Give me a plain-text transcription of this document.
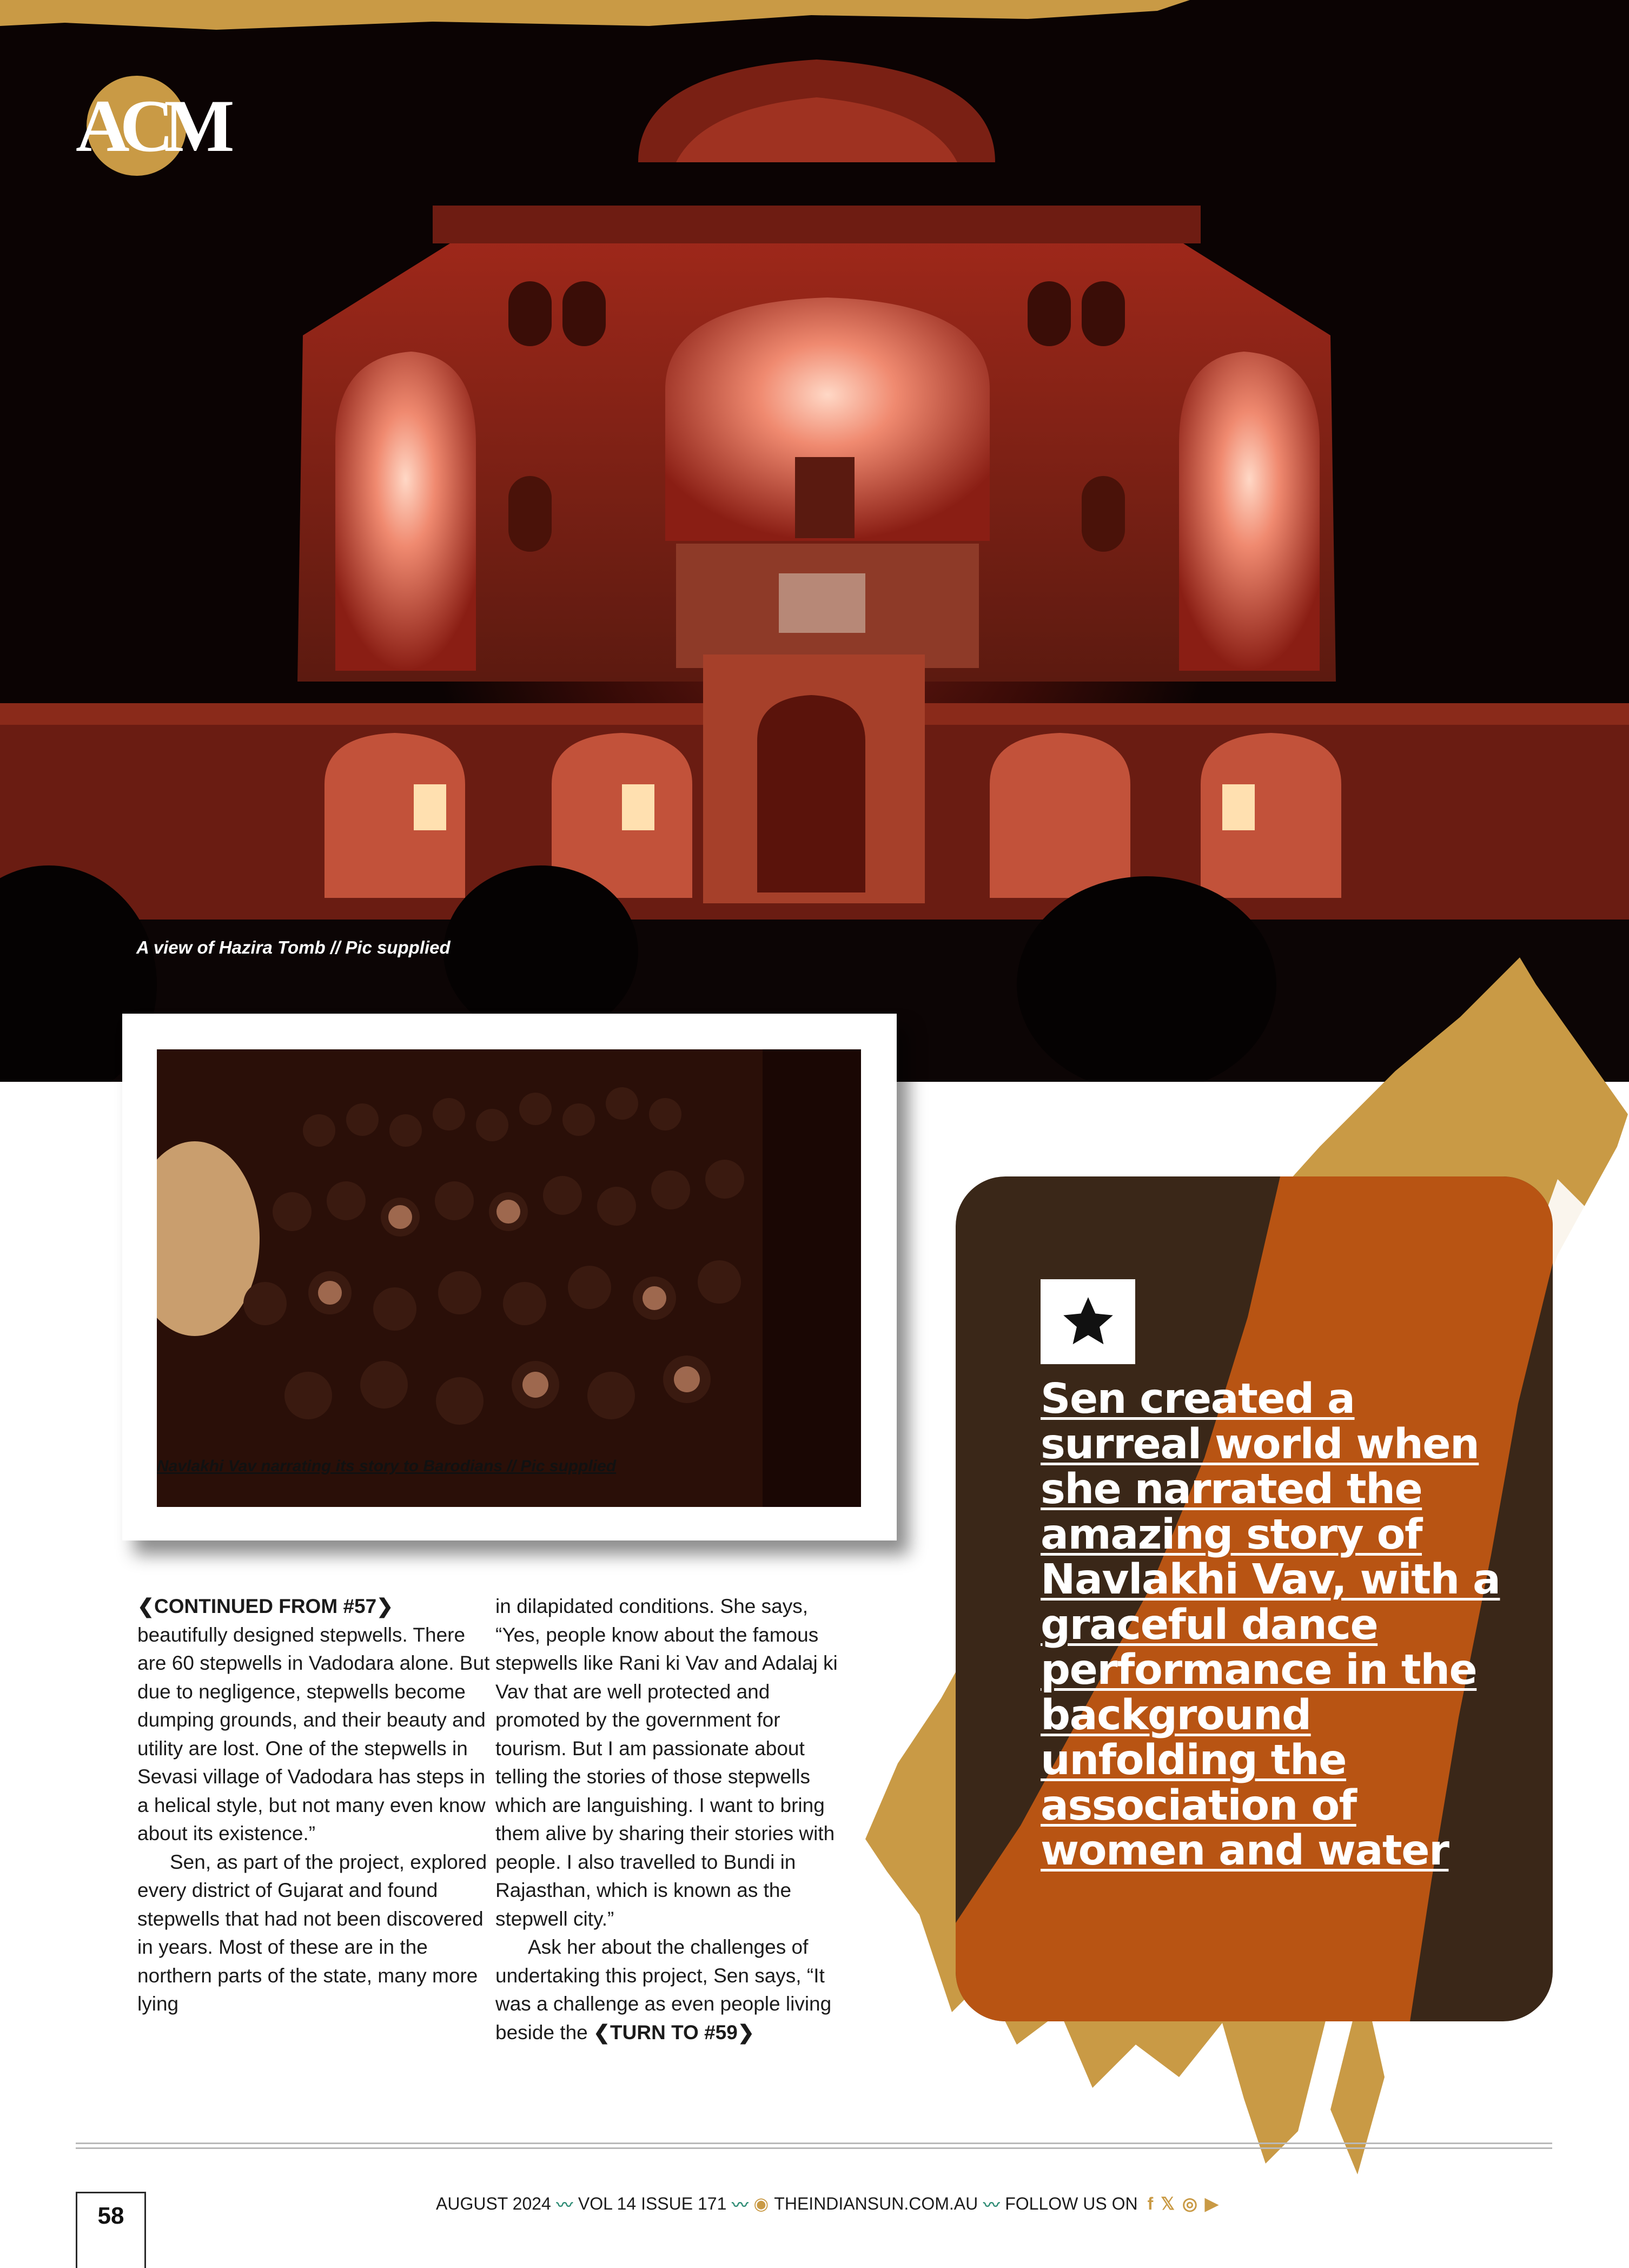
ACM
A view of Hazira Tomb // Pic supplied
Sen created a surreal world when she narrated the amazing story of Navlakhi Vav, with a graceful dance performance in the background unfolding the association of women and water
Navlakhi Vav narrating its story to Barodians // Pic supplied

❮CONTINUED FROM #57❯
beautifully designed stepwells. There are 60 stepwells in Vadodara alone. But due to negligence, stepwells become dumping grounds, and their beauty and utility are lost. One of the stepwells in Sevasi village of Vadodara has steps in a helical style, but not many even know about its existence.”

Sen, as part of the project, explored every district of Gujarat and found stepwells that had not been discovered in years. Most of these are in the northern parts of the state, many more lying

in dilapidated conditions. She says, “Yes, people know about the famous stepwells like Rani ki Vav and Adalaj ki Vav that are well protected and promoted by the government for tourism. But I am passionate about telling the stories of those stepwells which are languishing. I want to bring them alive by sharing their stories with people. I also travelled to Bundi in Rajasthan, which is known as the stepwell city.”

Ask her about the challenges of undertaking this project, Sen says, “It was a challenge as even people living beside the ❮TURN TO #59❯

58	AUGUST 2024 〰 VOL 14 ISSUE 171 〰 ◉ THEINDIANSUN.COM.AU 〰 FOLLOW US ON f 𝕏 ◎ ▶
